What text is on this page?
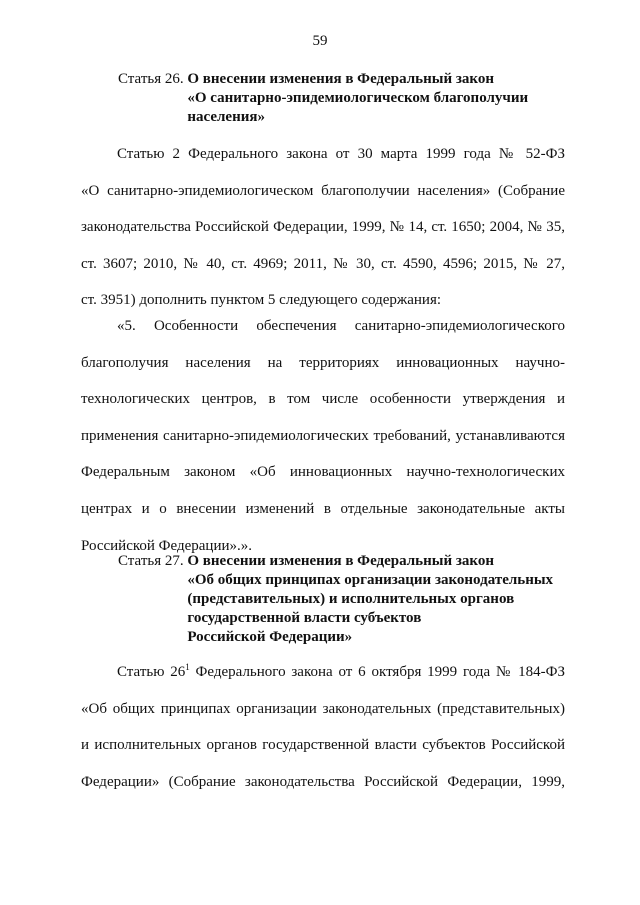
59
Статья 26. О внесении изменения в Федеральный закон
«О санитарно-эпидемиологическом благополучии
населения»
Статью 2 Федерального закона от 30 марта 1999 года № 52-ФЗ
«О санитарно-эпидемиологическом благополучии населения» (Собрание
законодательства Российской Федерации, 1999, № 14, ст. 1650; 2004, № 35,
ст. 3607; 2010, № 40, ст. 4969; 2011, № 30, ст. 4590, 4596; 2015, № 27,
ст. 3951) дополнить пунктом 5 следующего содержания:
«5. Особенности обеспечения санитарно-эпидемиологического
благополучия населения на территориях инновационных научно-
технологических центров, в том числе особенности утверждения и
применения санитарно-эпидемиологических требований, устанавливаются
Федеральным законом «Об инновационных научно-технологических
центрах и о внесении изменений в отдельные законодательные акты
Российской Федерации».».
Статья 27. О внесении изменения в Федеральный закон
«Об общих принципах организации законодательных
(представительных) и исполнительных органов
государственной власти субъектов
Российской Федерации»
Статью $26^1$ Федерального закона от 6 октября 1999 года № 184-ФЗ
«Об общих принципах организации законодательных (представительных)
и исполнительных органов государственной власти субъектов Российской
Федерации» (Собрание законодательства Российской Федерации, 1999,
